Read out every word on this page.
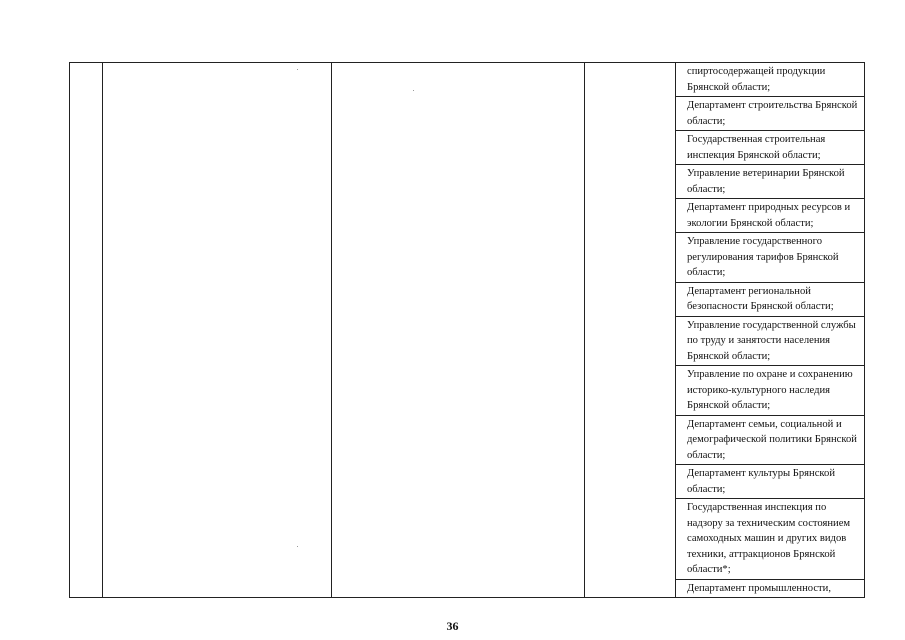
спиртосодержащей продукции Брянской области;
Департамент строительства Брянской области;
Государственная строительная инспекция Брянской области;
Управление ветеринарии Брянской области;
Департамент природных ресурсов и экологии Брянской области;
Управление государственного регулирования тарифов Брянской области;
Департамент региональной безопасности Брянской области;
Управление государственной службы по труду и занятости населения Брянской области;
Управление по охране и сохранению историко-культурного наследия Брянской области;
Департамент семьи, социальной и демографической политики Брянской области;
Департамент культуры Брянской области;
Государственная инспекция по надзору за техническим состоянием самоходных машин и других видов техники, аттракционов Брянской области*;
Департамент промышленности,
36
